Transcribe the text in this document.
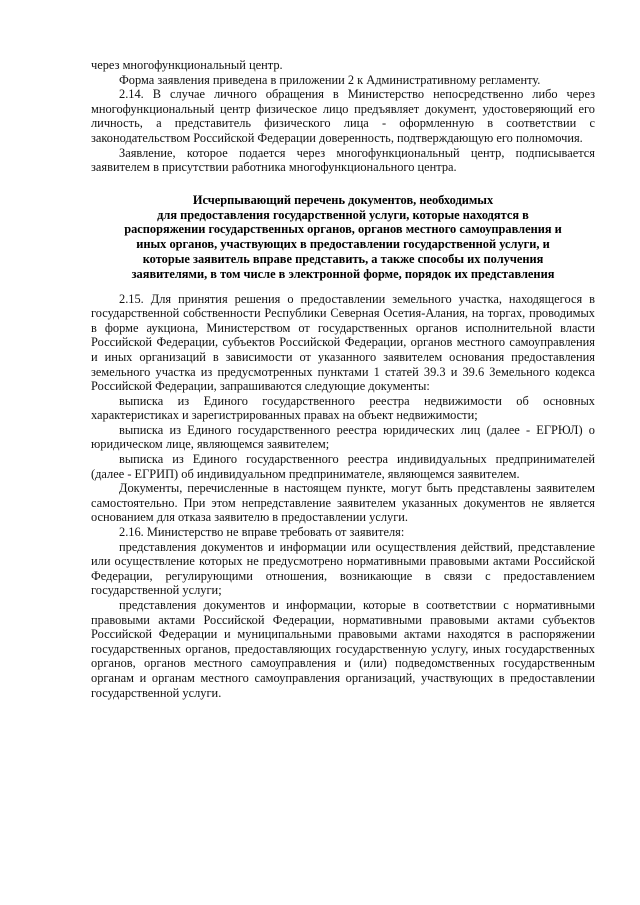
через многофункциональный центр.

Форма заявления приведена в приложении 2 к Административному регламенту.

2.14. В случае личного обращения в Министерство непосредственно либо через многофункциональный центр физическое лицо предъявляет документ, удостоверяющий его личность, а представитель физического лица - оформленную в соответствии с законодательством Российской Федерации доверенность, подтверждающую его полномочия.

Заявление, которое подается через многофункциональный центр, подписывается заявителем в присутствии работника многофункционального центра.

Исчерпывающий перечень документов, необходимых
для предоставления государственной услуги, которые находятся в
распоряжении государственных органов, органов местного самоуправления и
иных органов, участвующих в предоставлении государственной услуги, и
которые заявитель вправе представить, а также способы их получения
заявителями, в том числе в электронной форме, порядок их представления

2.15. Для принятия решения о предоставлении земельного участка, находящегося в государственной собственности Республики Северная Осетия-Алания, на торгах, проводимых в форме аукциона, Министерством от государственных органов исполнительной власти Российской Федерации, субъектов Российской Федерации, органов местного самоуправления и иных организаций в зависимости от указанного заявителем основания предоставления земельного участка из предусмотренных пунктами 1 статей 39.3 и 39.6 Земельного кодекса Российской Федерации, запрашиваются следующие документы:

выписка из Единого государственного реестра недвижимости об основных характеристиках и зарегистрированных правах на объект недвижимости;

выписка из Единого государственного реестра юридических лиц (далее - ЕГРЮЛ) о юридическом лице, являющемся заявителем;

выписка из Единого государственного реестра индивидуальных предпринимателей (далее - ЕГРИП) об индивидуальном предпринимателе, являющемся заявителем.

Документы, перечисленные в настоящем пункте, могут быть представлены заявителем самостоятельно. При этом непредставление заявителем указанных документов не является основанием для отказа заявителю в предоставлении услуги.

2.16. Министерство не вправе требовать от заявителя:

представления документов и информации или осуществления действий, представление или осуществление которых не предусмотрено нормативными правовыми актами Российской Федерации, регулирующими отношения, возникающие в связи с предоставлением государственной услуги;

представления документов и информации, которые в соответствии с нормативными правовыми актами Российской Федерации, нормативными правовыми актами субъектов Российской Федерации и муниципальными правовыми актами находятся в распоряжении государственных органов, предоставляющих государственную услугу, иных государственных органов, органов местного самоуправления и (или) подведомственных государственным органам и органам местного самоуправления организаций, участвующих в предоставлении государственной услуги.
